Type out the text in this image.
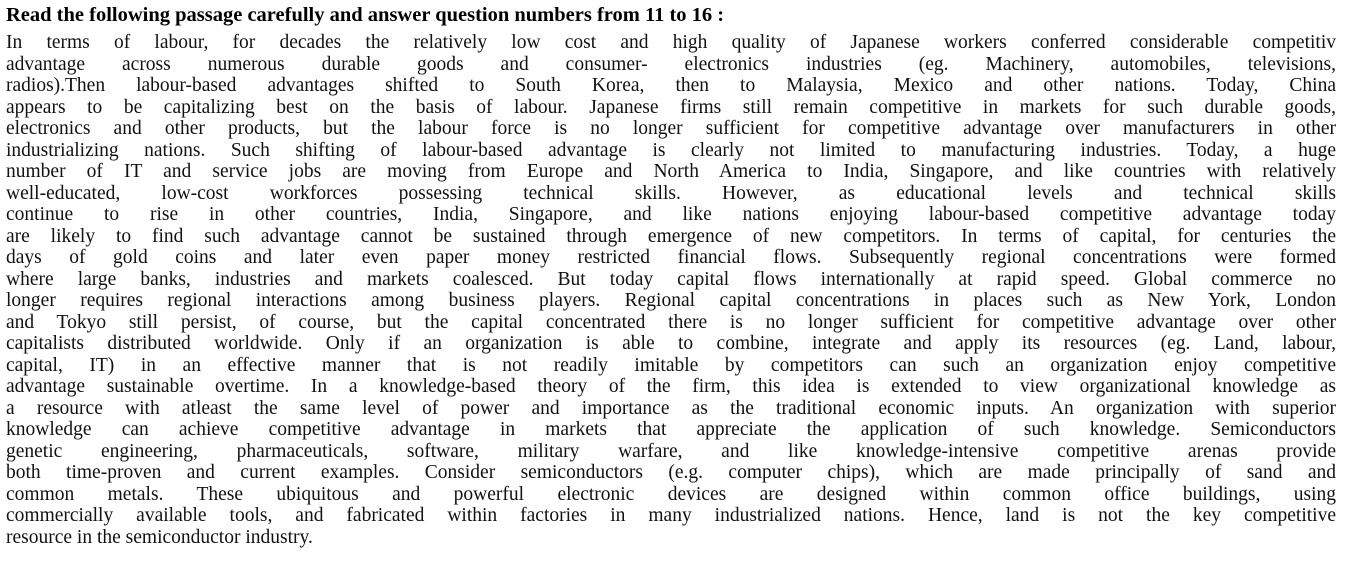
Read the following passage carefully and answer question numbers from 11 to 16 :
In terms of labour, for decades the relatively low cost and high quality of Japanese workers conferred considerable competitiv
advantage across numerous durable goods and consumer- electronics industries (eg. Machinery, automobiles, televisions,
radios).Then labour-based advantages shifted to South Korea, then to Malaysia, Mexico and other nations. Today, China
appears to be capitalizing best on the basis of labour. Japanese firms still remain competitive in markets for such durable goods,
electronics and other products, but the labour force is no longer sufficient for competitive advantage over manufacturers in other
industrializing nations. Such shifting of labour-based advantage is clearly not limited to manufacturing industries. Today, a huge
number of IT and service jobs are moving from Europe and North America to India, Singapore, and like countries with relatively
well-educated, low-cost workforces possessing technical skills. However, as educational levels and technical skills
continue to rise in other countries, India, Singapore, and like nations enjoying labour-based competitive advantage today
are likely to find such advantage cannot be sustained through emergence of new competitors. In terms of capital, for centuries the
days of gold coins and later even paper money restricted financial flows. Subsequently regional concentrations were formed
where large banks, industries and markets coalesced. But today capital flows internationally at rapid speed. Global commerce no
longer requires regional interactions among business players. Regional capital concentrations in places such as New York, London
and Tokyo still persist, of course, but the capital concentrated there is no longer sufficient for competitive advantage over other
capitalists distributed worldwide. Only if an organization is able to combine, integrate and apply its resources (eg. Land, labour,
capital, IT) in an effective manner that is not readily imitable by competitors can such an organization enjoy competitive
advantage sustainable overtime. In a knowledge-based theory of the firm, this idea is extended to view organizational knowledge as
a resource with atleast the same level of power and importance as the traditional economic inputs. An organization with superior
knowledge can achieve competitive advantage in markets that appreciate the application of such knowledge. Semiconductors
genetic engineering, pharmaceuticals, software, military warfare, and like knowledge-intensive competitive arenas provide
both time-proven and current examples. Consider semiconductors (e.g. computer chips), which are made principally of sand and
common metals. These ubiquitous and powerful electronic devices are designed within common office buildings, using
commercially available tools, and fabricated within factories in many industrialized nations. Hence, land is not the key competitive
resource in the semiconductor industry.
